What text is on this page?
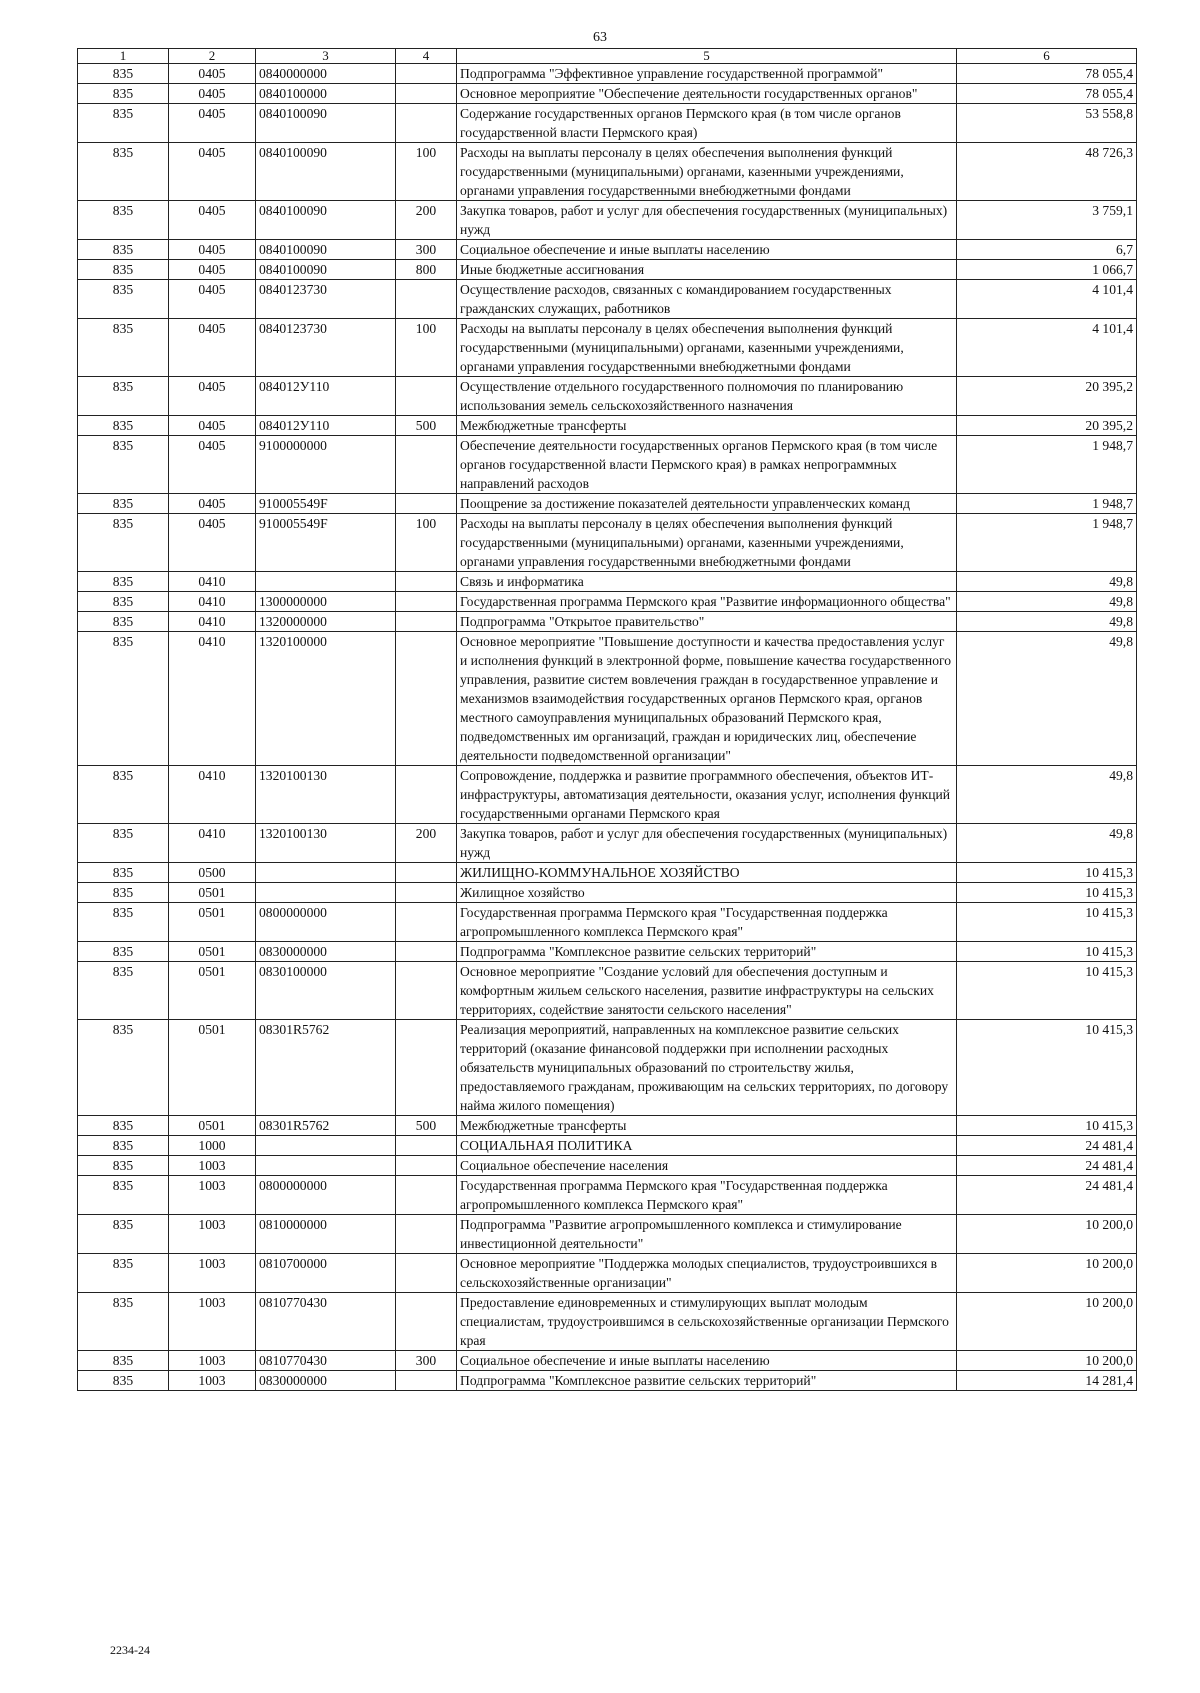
63
1	2	3	4	5	6
835	0405	0840000000		Подпрограмма "Эффективное управление государственной программой"	78 055,4
835	0405	0840100000		Основное мероприятие "Обеспечение деятельности государственных органов"	78 055,4
835	0405	0840100090		Содержание государственных органов Пермского края (в том числе органов государственной власти Пермского края)	53 558,8
835	0405	0840100090	100	Расходы на выплаты персоналу в целях обеспечения выполнения функций государственными (муниципальными) органами, казенными учреждениями, органами управления государственными внебюджетными фондами	48 726,3
835	0405	0840100090	200	Закупка товаров, работ и услуг для обеспечения государственных (муниципальных) нужд	3 759,1
835	0405	0840100090	300	Социальное обеспечение и иные выплаты населению	6,7
835	0405	0840100090	800	Иные бюджетные ассигнования	1 066,7
835	0405	0840123730		Осуществление расходов, связанных с командированием государственных гражданских служащих, работников	4 101,4
835	0405	0840123730	100	Расходы на выплаты персоналу в целях обеспечения выполнения функций государственными (муниципальными) органами, казенными учреждениями, органами управления государственными внебюджетными фондами	4 101,4
835	0405	084012У110		Осуществление отдельного государственного полномочия по планированию использования земель сельскохозяйственного назначения	20 395,2
835	0405	084012У110	500	Межбюджетные трансферты	20 395,2
835	0405	9100000000		Обеспечение деятельности государственных органов Пермского края (в том числе органов государственной власти Пермского края) в рамках непрограммных направлений расходов	1 948,7
835	0405	910005549F		Поощрение за достижение показателей деятельности управленческих команд	1 948,7
835	0405	910005549F	100	Расходы на выплаты персоналу в целях обеспечения выполнения функций государственными (муниципальными) органами, казенными учреждениями, органами управления государственными внебюджетными фондами	1 948,7
835	0410			Связь и информатика	49,8
835	0410	1300000000		Государственная программа Пермского края "Развитие информационного общества"	49,8
835	0410	1320000000		Подпрограмма "Открытое правительство"	49,8
835	0410	1320100000		Основное мероприятие "Повышение доступности и качества предоставления услуг и исполнения функций в электронной форме, повышение качества государственного управления, развитие систем вовлечения граждан в государственное управление и механизмов взаимодействия государственных органов Пермского края, органов местного самоуправления муниципальных образований Пермского края, подведомственных им организаций, граждан и юридических лиц, обеспечение деятельности подведомственной организации"	49,8
835	0410	1320100130		Сопровождение, поддержка и развитие программного обеспечения, объектов ИТ-инфраструктуры, автоматизация деятельности, оказания услуг, исполнения функций государственными органами Пермского края	49,8
835	0410	1320100130	200	Закупка товаров, работ и услуг для обеспечения государственных (муниципальных) нужд	49,8
835	0500			ЖИЛИЩНО-КОММУНАЛЬНОЕ ХОЗЯЙСТВО	10 415,3
835	0501			Жилищное хозяйство	10 415,3
835	0501	0800000000		Государственная программа Пермского края "Государственная поддержка агропромышленного комплекса Пермского края"	10 415,3
835	0501	0830000000		Подпрограмма "Комплексное развитие сельских территорий"	10 415,3
835	0501	0830100000		Основное мероприятие "Создание условий для обеспечения доступным и комфортным жильем сельского населения, развитие инфраструктуры на сельских территориях, содействие занятости сельского населения"	10 415,3
835	0501	08301R5762		Реализация мероприятий, направленных на комплексное развитие сельских территорий (оказание финансовой поддержки при исполнении расходных обязательств муниципальных образований по строительству жилья, предоставляемого гражданам, проживающим на сельских территориях, по договору найма жилого помещения)	10 415,3
835	0501	08301R5762	500	Межбюджетные трансферты	10 415,3
835	1000			СОЦИАЛЬНАЯ ПОЛИТИКА	24 481,4
835	1003			Социальное обеспечение населения	24 481,4
835	1003	0800000000		Государственная программа Пермского края "Государственная поддержка агропромышленного комплекса Пермского края"	24 481,4
835	1003	0810000000		Подпрограмма "Развитие агропромышленного комплекса и стимулирование инвестиционной деятельности"	10 200,0
835	1003	0810700000		Основное мероприятие "Поддержка молодых специалистов, трудоустроившихся в сельскохозяйственные организации"	10 200,0
835	1003	0810770430		Предоставление единовременных и стимулирующих выплат молодым специалистам, трудоустроившимся в сельскохозяйственные организации Пермского края	10 200,0
835	1003	0810770430	300	Социальное обеспечение и иные выплаты населению	10 200,0
835	1003	0830000000		Подпрограмма "Комплексное развитие сельских территорий"	14 281,4
2234-24
